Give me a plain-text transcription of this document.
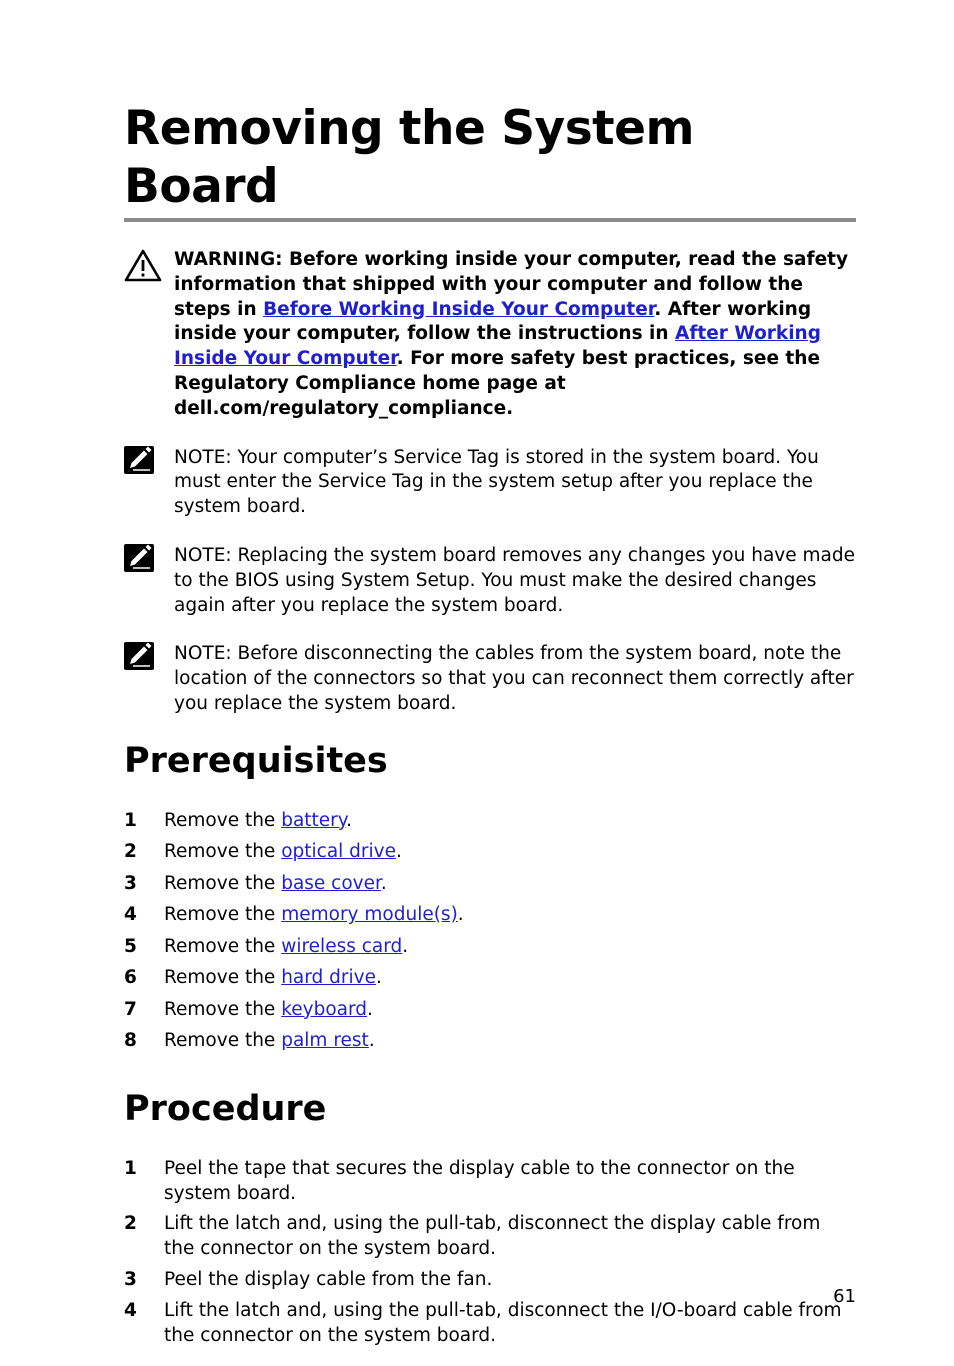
Removing the System Board
WARNING: Before working inside your computer, read the safety information that shipped with your computer and follow the steps in Before Working Inside Your Computer. After working inside your computer, follow the instructions in After Working Inside Your Computer. For more safety best practices, see the Regulatory Compliance home page at dell.com/regulatory_compliance.
NOTE: Your computer’s Service Tag is stored in the system board. You must enter the Service Tag in the system setup after you replace the system board.
NOTE: Replacing the system board removes any changes you have made to the BIOS using System Setup. You must make the desired changes again after you replace the system board.
NOTE: Before disconnecting the cables from the system board, note the location of the connectors so that you can reconnect them correctly after you replace the system board.
Prerequisites
1	Remove the battery.
2	Remove the optical drive.
3	Remove the base cover.
4	Remove the memory module(s).
5	Remove the wireless card.
6	Remove the hard drive.
7	Remove the keyboard.
8	Remove the palm rest.
Procedure
1	Peel the tape that secures the display cable to the connector on the system board.
2	Lift the latch and, using the pull-tab, disconnect the display cable from the connector on the system board.
3	Peel the display cable from the fan.
4	Lift the latch and, using the pull-tab, disconnect the I/O-board cable from the connector on the system board.
61
